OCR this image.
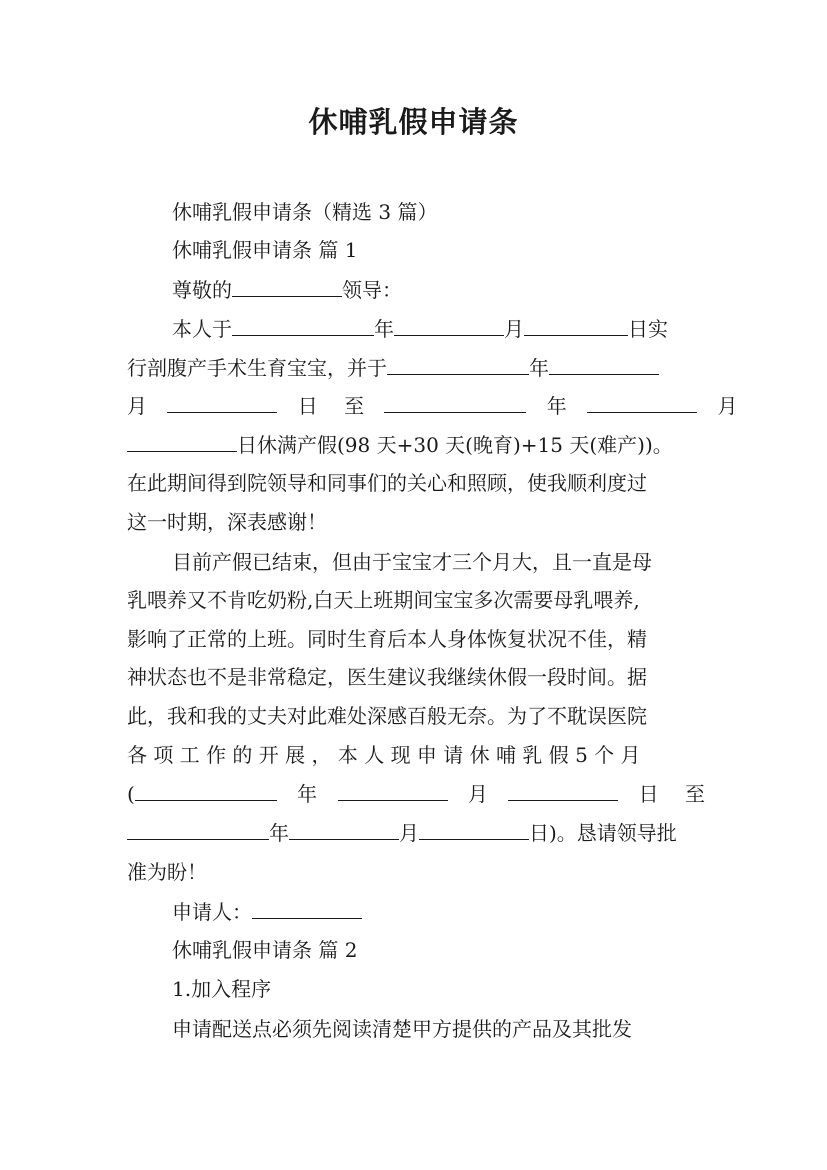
休哺乳假申请条
休哺乳假申请条（精选 3 篇）
休哺乳假申请条 篇 1
尊敬的	领导：
本人于	年	月	日实
行剖腹产手术生育宝宝，并于	年
月	日 至	年	月
日休满产假(98 天+30 天(晚育)+15 天(难产))。
在此期间得到院领导和同事们的关心和照顾，使我顺利度过
这一时期，深表感谢！
目前产假已结束，但由于宝宝才三个月大，且一直是母
乳喂养又不肯吃奶粉,白天上班期间宝宝多次需要母乳喂养,
影响了正常的上班。同时生育后本人身体恢复状况不佳，精
神状态也不是非常稳定，医生建议我继续休假一段时间。据
此，我和我的丈夫对此难处深感百般无奈。为了不耽误医院
各 项 工 作 的 开 展 ， 本 人 现 申 请 休 哺 乳 假 5 个 月
(	年	月	日 至
年	月	日)。恳请领导批
准为盼！
申请人：
休哺乳假申请条 篇 2
1.加入程序
申请配送点必须先阅读清楚甲方提供的产品及其批发
